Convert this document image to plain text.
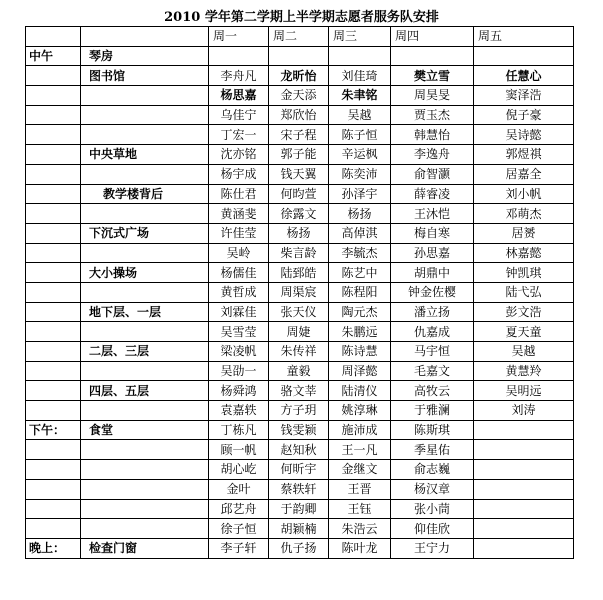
2010 学年第二学期上半学期志愿者服务队安排
		周一	周二	周三	周四	周五
中午	琴房					
	图书馆	李舟凡	龙昕怡	刘佳琦	樊立雪	任慧心
		杨思嘉	金天添	朱聿铭	周昊旻	窦泽浩
		乌佳宁	郑欣怡	吴越	贾玉杰	倪子豪
		丁宏一	宋子程	陈子恒	韩慧怡	吴诗懿
	中央草地	沈亦铭	郭子能	辛运枫	李逸舟	郭煜祺
		杨宇成	钱天翼	陈奕沛	俞智灏	居嘉全
	教学楼背后	陈仕君	何昀萱	孙泽宇	薛睿凌	刘小帆
		黄涵斐	徐露文	杨扬	王沐恺	邓萌杰
	下沉式广场	许佳莹	杨扬	高倬淇	梅自寒	居赟
		吴岭	柴言龄	李毓杰	孙思嘉	林嘉懿
	大小操场	杨儒佳	陆郅皓	陈艺中	胡鼎中	钟凯琪
		黄哲成	周渠宸	陈程阳	钟金佐樱	陆弋弘
	地下层、一层	刘霖佳	张天仪	陶元杰	潘立扬	彭文浩
		吴雪莹	周婕	朱鹏远	仇嘉成	夏天童
	二层、三层	梁凌帆	朱传祥	陈诗慧	马宇恒	吴越
		吴劭一	童毅	周泽懿	毛嘉文	黄慧羚
	四层、五层	杨舜鸿	骆文莘	陆清仪	高牧云	吴明远
		袁嘉轶	方子玥	姚淳琳	于雅澜	刘涛
下午：	食堂	丁栋凡	钱雯颖	施沛成	陈斯琪	
		顾一帆	赵知秋	王一凡	季星佑	
		胡心屹	何昕宇	金继文	俞志巍	
		金叶	蔡轶轩	王晋	杨汉章	
		邱艺舟	于韵卿	王钰	张小茼	
		徐子恒	胡颖楠	朱浩云	仰佳欣	
晚上：	检查门窗	李子轩	仇子扬	陈叶龙	王宁力	
